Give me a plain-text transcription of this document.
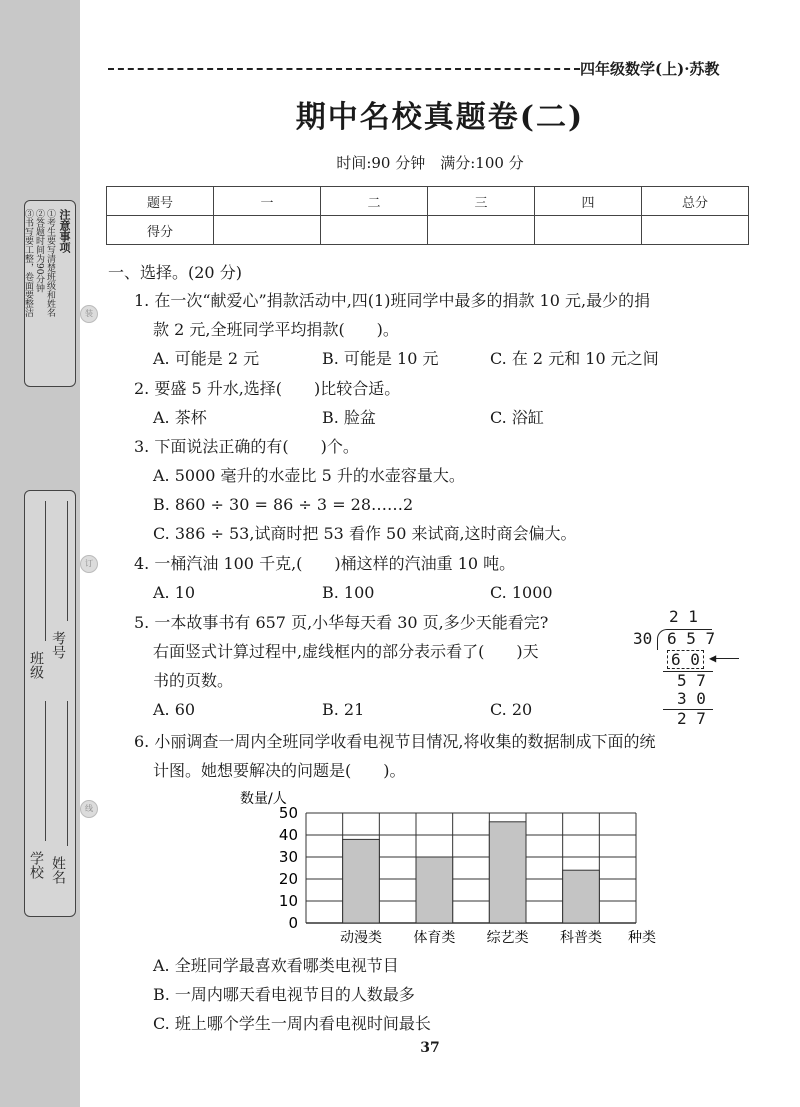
注意事项
①考生要写清楚班级和姓名
②答题时间为90分钟
③书写要工整，卷面要整洁
班级
考号
学校 姓名
装
订
线
四年级数学(上)·苏教
期中名校真题卷(二)
时间:90 分钟　满分:100 分
题号	一	二	三	四	总分
得分					
一、选择。(20 分)
1. 在一次“献爱心”捐款活动中,四(1)班同学中最多的捐款 10 元,最少的捐
款 2 元,全班同学平均捐款(　　)。
A. 可能是 2 元	B. 可能是 10 元	C. 在 2 元和 10 元之间
2. 要盛 5 升水,选择(　　)比较合适。
A. 茶杯	B. 脸盆	C. 浴缸
3. 下面说法正确的有(　　)个。
A. 5000 毫升的水壶比 5 升的水壶容量大。
B. 860 ÷ 30 = 86 ÷ 3 = 28……2
C. 386 ÷ 53,试商时把 53 看作 50 来试商,这时商会偏大。
4. 一桶汽油 100 千克,(　　)桶这样的汽油重 10 吨。
A. 10	B. 100	C. 1000
5. 一本故事书有 657 页,小华每天看 30 页,多少天能看完?
右面竖式计算过程中,虚线框内的部分表示看了(　　)天
书的页数。
A. 60	B. 21	C. 20
2 1
30 6 5 7
6 0 ◀
5 7
3 0
2 7
6. 小丽调查一周内全班同学收看电视节目情况,将收集的数据制成下面的统
计图。她想要解决的问题是(　　)。
数量/人
0
10
20
30
40
50
动漫类 体育类 综艺类 科普类 种类
A. 全班同学最喜欢看哪类电视节目
B. 一周内哪天看电视节目的人数最多
C. 班上哪个学生一周内看电视时间最长
37
